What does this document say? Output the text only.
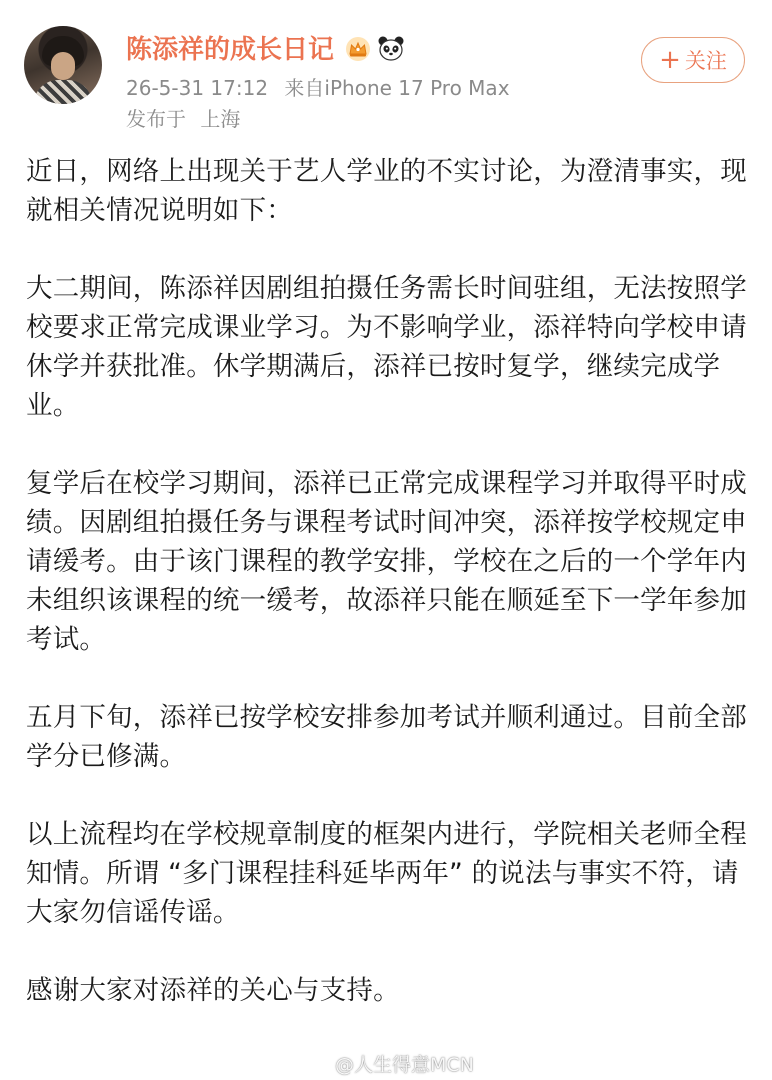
陈添祥的成长日记
26-5-31 17:12 来自iPhone 17 Pro Max
发布于 上海
+ 关注

近日，网络上出现关于艺人学业的不实讨论，为澄清事实，现就相关情况说明如下：

大二期间，陈添祥因剧组拍摄任务需长时间驻组，无法按照学校要求正常完成课业学习。为不影响学业，添祥特向学校申请休学并获批准。休学期满后，添祥已按时复学，继续完成学业。

复学后在校学习期间，添祥已正常完成课程学习并取得平时成绩。因剧组拍摄任务与课程考试时间冲突，添祥按学校规定申请缓考。由于该门课程的教学安排，学校在之后的一个学年内未组织该课程的统一缓考，故添祥只能在顺延至下一学年参加考试。

五月下旬，添祥已按学校安排参加考试并顺利通过。目前全部学分已修满。

以上流程均在学校规章制度的框架内进行，学院相关老师全程知情。所谓 “多门课程挂科延毕两年” 的说法与事实不符，请大家勿信谣传谣。

感谢大家对添祥的关心与支持。

@人生得意MCN
